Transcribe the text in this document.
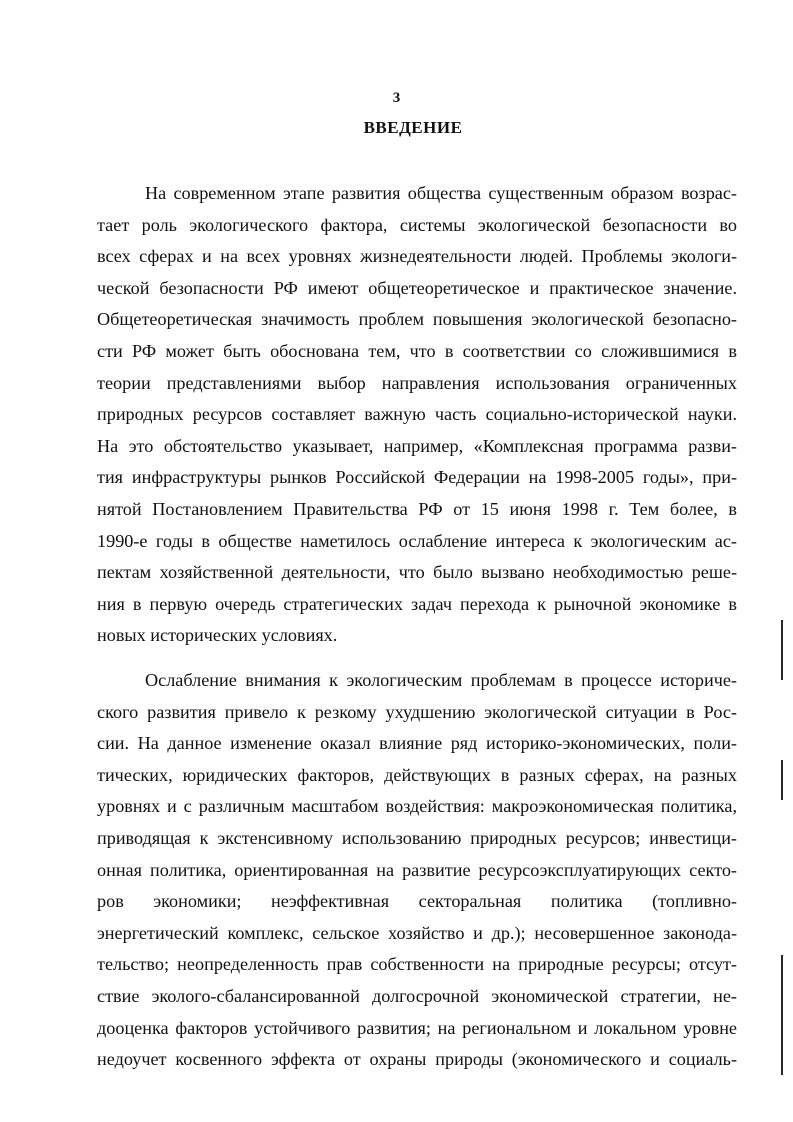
3
ВВЕДЕНИЕ
На современном этапе развития общества существенным образом возрас-
тает роль экологического фактора, системы экологической безопасности во
всех сферах и на всех уровнях жизнедеятельности людей. Проблемы экологи-
ческой безопасности РФ имеют общетеоретическое и практическое значение.
Общетеоретическая значимость проблем повышения экологической безопасно-
сти РФ может быть обоснована тем, что в соответствии со сложившимися в
теории представлениями выбор направления использования ограниченных
природных ресурсов составляет важную часть социально-исторической науки.
На это обстоятельство указывает, например, «Комплексная программа разви-
тия инфраструктуры рынков Российской Федерации на 1998-2005 годы», при-
нятой Постановлением Правительства РФ от 15 июня 1998 г. Тем более, в
1990-е годы в обществе наметилось ослабление интереса к экологическим ас-
пектам хозяйственной деятельности, что было вызвано необходимостью реше-
ния в первую очередь стратегических задач перехода к рыночной экономике в
новых исторических условиях.
Ослабление внимания к экологическим проблемам в процессе историче-
ского развития привело к резкому ухудшению экологической ситуации в Рос-
сии. На данное изменение оказал влияние ряд историко-экономических, поли-
тических, юридических факторов, действующих в разных сферах, на разных
уровнях и с различным масштабом воздействия: макроэкономическая политика,
приводящая к экстенсивному использованию природных ресурсов; инвестици-
онная политика, ориентированная на развитие ресурсоэксплуатирующих секто-
ров экономики; неэффективная секторальная политика (топливно-
энергетический комплекс, сельское хозяйство и др.); несовершенное законода-
тельство; неопределенность прав собственности на природные ресурсы; отсут-
ствие эколого-сбалансированной долгосрочной экономической стратегии, не-
дооценка факторов устойчивого развития; на региональном и локальном уровне
недоучет косвенного эффекта от охраны природы (экономического и социаль-
